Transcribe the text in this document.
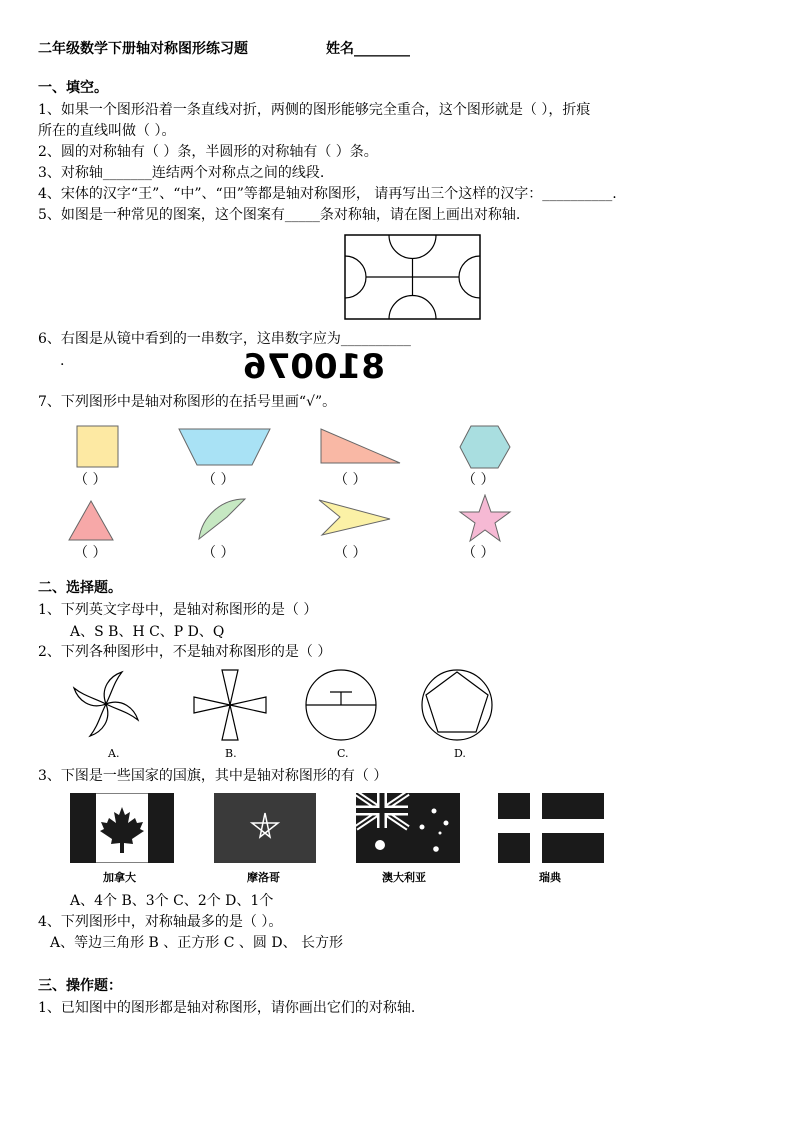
二年级数学下册轴对称图形练习题	姓名________
一、填空。
1、如果一个图形沿着一条直线对折，两侧的图形能够完全重合，这个图形就是（ ），折痕
所在的直线叫做（ ）。
2、圆的对称轴有（ ）条，半圆形的对称轴有（ ）条。
3、对称轴_______连结两个对称点之间的线段.
4、宋体的汉字“王”、“中”、“田”等都是轴对称图形， 请再写出三个这样的汉字：__________.
5、如图是一种常见的图案，这个图案有_____条对称轴，请在图上画出对称轴.
6、右图是从镜中看到的一串数字，这串数字应为__________
.	810076
7、下列图形中是轴对称图形的在括号里画“√”。
（ ）	（ ）	（ ）	（ ）
（ ）	（ ）	（ ）	（ ）
二、选择题。
1、下列英文字母中，是轴对称图形的是（ ）
A、S B、H C、P D、Q
2、下列各种图形中，不是轴对称图形的是（ ）
A.	B.	C.	D.
3、下图是一些国家的国旗，其中是轴对称图形的有（ ）
加拿大	摩洛哥	澳大利亚	瑞典
A、4个 B、3个 C、2个 D、1个
4、下列图形中，对称轴最多的是（ ）。
A、等边三角形 B 、正方形 C 、圆 D、 长方形
三、操作题：
1、已知图中的图形都是轴对称图形，请你画出它们的对称轴.
